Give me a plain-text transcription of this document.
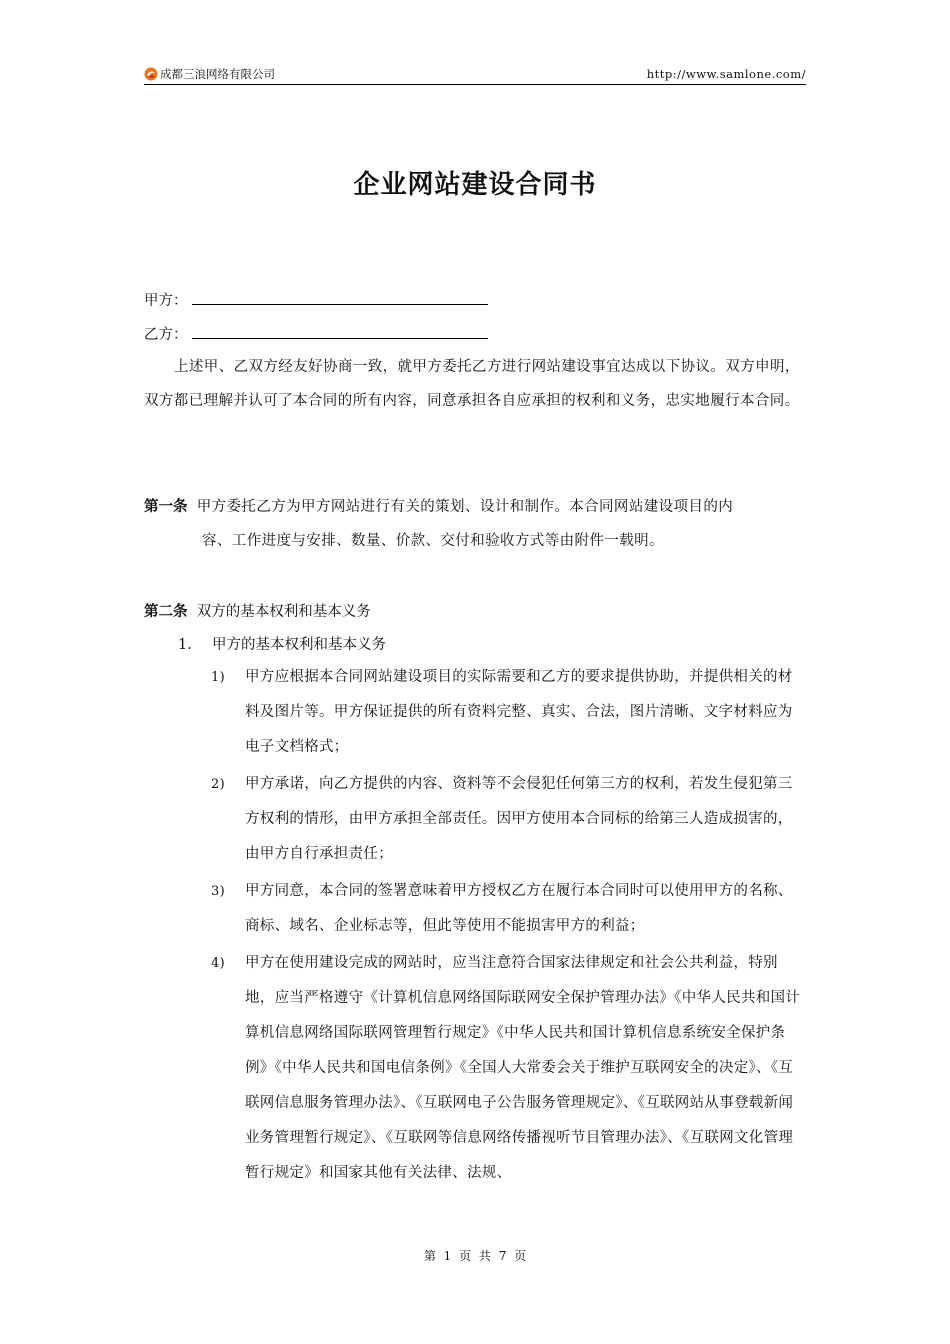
成都三浪网络有限公司	http://www.samlone.com/
企业网站建设合同书
甲方：
乙方：
上述甲、乙双方经友好协商一致，就甲方委托乙方进行网站建设事宜达成以下协议。双方申明，双方都已理解并认可了本合同的所有内容，同意承担各自应承担的权利和义务，忠实地履行本合同。
第一条 甲方委托乙方为甲方网站进行有关的策划、设计和制作。本合同网站建设项目的内
容、工作进度与安排、数量、价款、交付和验收方式等由附件一载明。
第二条 双方的基本权利和基本义务
1. 甲方的基本权利和基本义务
1)	甲方应根据本合同网站建设项目的实际需要和乙方的要求提供协助，并提供相关的材料及图片等。甲方保证提供的所有资料完整、真实、合法，图片清晰、文字材料应为电子文档格式；
2)	甲方承诺，向乙方提供的内容、资料等不会侵犯任何第三方的权利，若发生侵犯第三方权利的情形，由甲方承担全部责任。因甲方使用本合同标的给第三人造成损害的，由甲方自行承担责任；
3)	甲方同意，本合同的签署意味着甲方授权乙方在履行本合同时可以使用甲方的名称、商标、域名、企业标志等，但此等使用不能损害甲方的利益；
4)	甲方在使用建设完成的网站时，应当注意符合国家法律规定和社会公共利益，特别地，应当严格遵守《计算机信息网络国际联网安全保护管理办法》《中华人民共和国计算机信息网络国际联网管理暂行规定》《中华人民共和国计算机信息系统安全保护条例》《中华人民共和国电信条例》《全国人大常委会关于维护互联网安全的决定》、《互联网信息服务管理办法》、《互联网电子公告服务管理规定》、《互联网站从事登载新闻业务管理暂行规定》、《互联网等信息网络传播视听节目管理办法》、《互联网文化管理暂行规定》和国家其他有关法律、法规、
第 1 页 共 7 页
